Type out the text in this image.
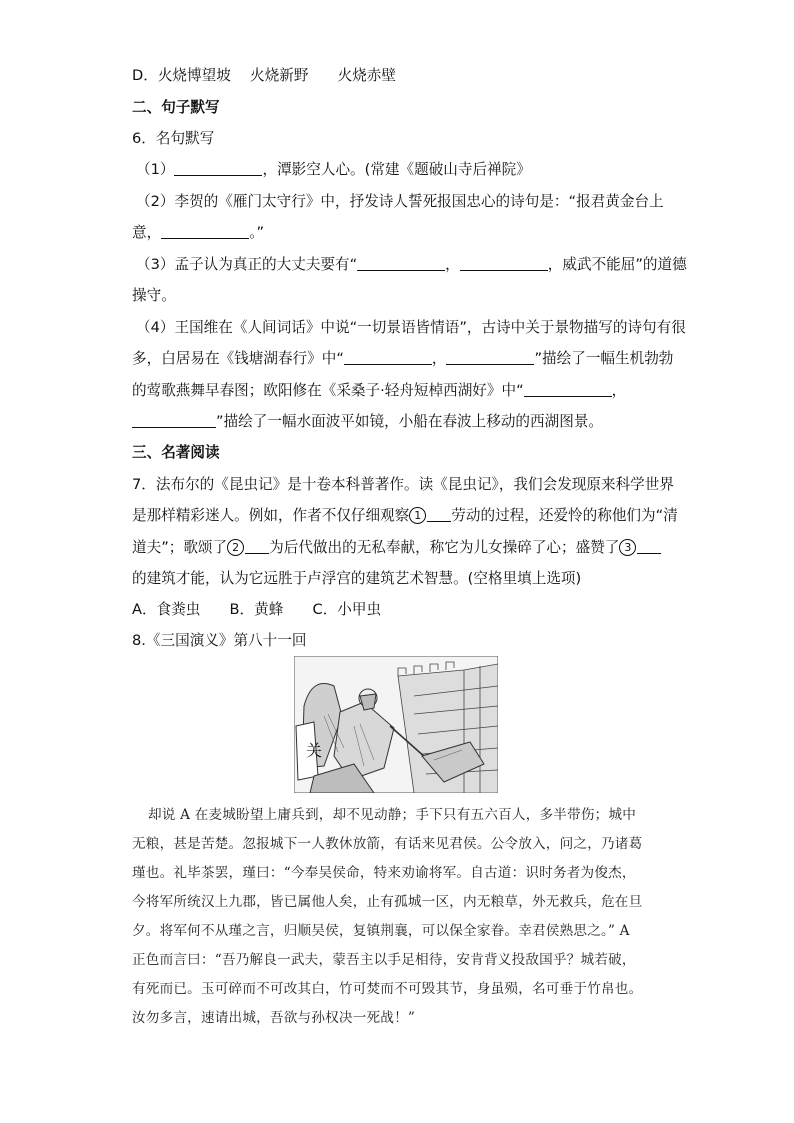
D．火烧博望坡　 火烧新野　　火烧赤壁
二、句子默写
6．名句默写
（1）	，潭影空人心。(常建《题破山寺后禅院》
（2）李贺的《雁门太守行》中，抒发诗人誓死报国忠心的诗句是：“报君黄金台上
意，	。”
（3）孟子认为真正的大丈夫要有“	，	，威武不能屈”的道德
操守。
（4）王国维在《人间词话》中说“一切景语皆情语”，古诗中关于景物描写的诗句有很
多，白居易在《钱塘湖春行》中“	，	”描绘了一幅生机勃勃
的莺歌燕舞早春图；欧阳修在《采桑子·轻舟短棹西湖好》中“	，
”描绘了一幅水面波平如镜，小船在春波上移动的西湖图景。
三、名著阅读
7．法布尔的《昆虫记》是十卷本科普著作。读《昆虫记》，我们会发现原来科学世界
是那样精彩迷人。例如，作者不仅仔细观察 1 劳动的过程，还爱怜的称他们为“清
道夫”；歌颂了 2 为后代做出的无私奉献，称它为儿女操碎了心；盛赞了 3
的建筑才能，认为它远胜于卢浮宫的建筑艺术智慧。(空格里填上选项)
A．食粪虫　　B．黄蜂　　C．小甲虫
8.《三国演义》第八十一回
关
却说 A 在麦城盼望上庸兵到，却不见动静；手下只有五六百人，多半带伤；城中
无粮，甚是苦楚。忽报城下一人教休放箭，有话来见君侯。公令放入，问之，乃诸葛
瑾也。礼毕茶罢，瑾曰：“今奉吴侯命，特来劝谕将军。自古道：识时务者为俊杰，
今将军所统汉上九郡，皆已属他人矣，止有孤城一区，内无粮草，外无救兵，危在旦
夕。将军何不从瑾之言，归顺吴侯，复镇荆襄，可以保全家眷。幸君侯熟思之。” A
正色而言曰：“吾乃解良一武夫，蒙吾主以手足相待，安肯背义投敌国乎？城若破，
有死而已。玉可碎而不可改其白，竹可焚而不可毁其节，身虽殒，名可垂于竹帛也。
汝勿多言，速请出城，吾欲与孙权决一死战！”
